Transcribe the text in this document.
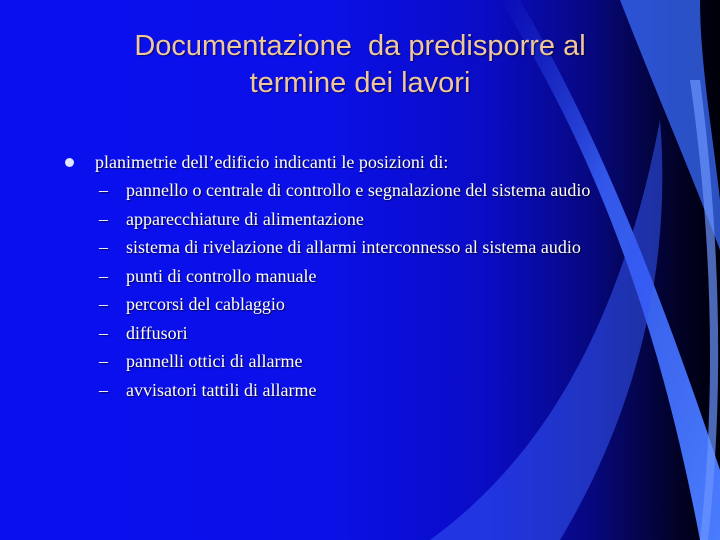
Documentazione  da predisporre al
termine dei lavori
planimetrie dell’edificio indicanti le posizioni di:
– pannello o centrale di controllo e segnalazione del sistema audio
– apparecchiature di alimentazione
– sistema di rivelazione di allarmi interconnesso al sistema audio
– punti di controllo manuale
– percorsi del cablaggio
– diffusori
– pannelli ottici di allarme
– avvisatori tattili di allarme
